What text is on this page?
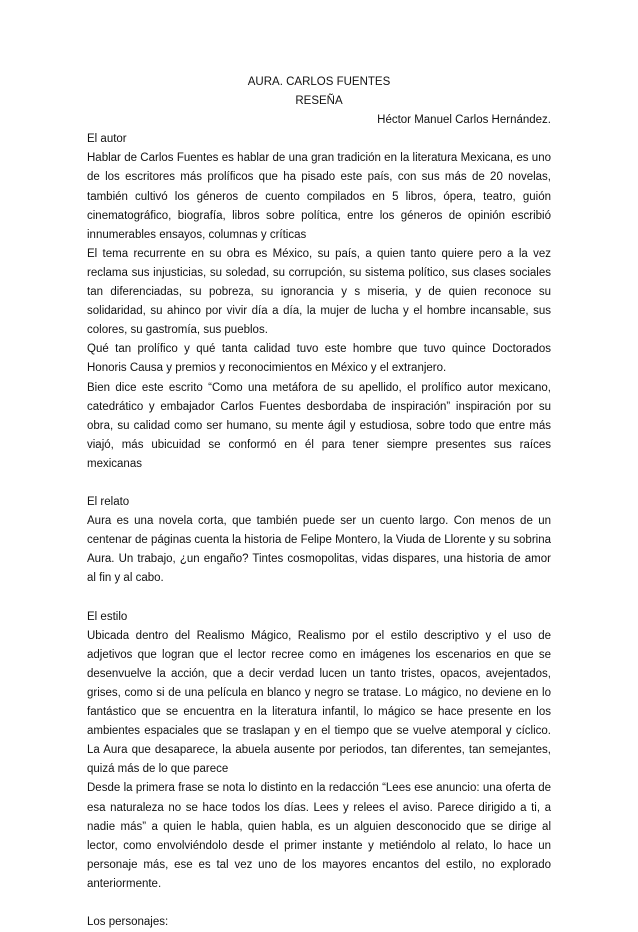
AURA. CARLOS FUENTES

RESEÑA

Héctor Manuel Carlos Hernández.

El autor

Hablar de Carlos Fuentes es hablar de una gran tradición en la literatura Mexicana, es uno de los escritores más prolíficos que ha pisado este país, con sus más de 20 novelas, también cultivó los géneros de cuento compilados en 5 libros, ópera, teatro, guión cinematográfico, biografía, libros sobre política, entre los géneros de opinión escribió innumerables ensayos, columnas y críticas

El tema recurrente en su obra es México, su país, a quien tanto quiere pero a la vez reclama sus injusticias, su soledad, su corrupción, su sistema político, sus clases sociales tan diferenciadas, su pobreza, su ignorancia y s miseria, y de quien reconoce su solidaridad, su ahinco por vivir día a día, la mujer de lucha y el hombre incansable, sus colores, su gastromía, sus pueblos.

Qué tan prolífico y qué tanta calidad tuvo este hombre que tuvo quince Doctorados Honoris Causa y premios y reconocimientos en México y el extranjero.

Bien dice este escrito “Como una metáfora de su apellido, el prolífico autor mexicano, catedrático y embajador Carlos Fuentes desbordaba de inspiración” inspiración por su obra, su calidad como ser humano, su mente ágil y estudiosa, sobre todo que entre más viajó, más ubicuidad se conformó en él para tener siempre presentes sus raíces mexicanas

El relato

Aura es una novela corta, que también puede ser un cuento largo. Con menos de un centenar de páginas cuenta la historia de Felipe Montero, la Viuda de Llorente y su sobrina Aura. Un trabajo, ¿un engaño? Tintes cosmopolitas, vidas dispares, una historia de amor al fin y al cabo.

El estilo

Ubicada dentro del Realismo Mágico, Realismo por el estilo descriptivo y el uso de adjetivos que logran que el lector recree como en imágenes los escenarios en que se desenvuelve la acción, que a decir verdad lucen un tanto tristes, opacos, avejentados, grises, como si de una película en blanco y negro se tratase. Lo mágico, no deviene en lo fantástico que se encuentra en la literatura infantil, lo mágico se hace presente en los ambientes espaciales que se traslapan y en el tiempo que se vuelve atemporal y cíclico. La Aura que desaparece, la abuela ausente por periodos, tan diferentes, tan semejantes, quizá más de lo que parece

Desde la primera frase se nota lo distinto en la redacción “Lees ese anuncio: una oferta de esa naturaleza no se hace todos los días. Lees y relees el aviso. Parece dirigido a ti, a nadie más” a quien le habla, quien habla, es un alguien desconocido que se dirige al lector, como envolviéndolo desde el primer instante y metiéndolo al relato, lo hace un personaje más, ese es tal vez uno de los mayores encantos del estilo, no explorado anteriormente.

Los personajes:
